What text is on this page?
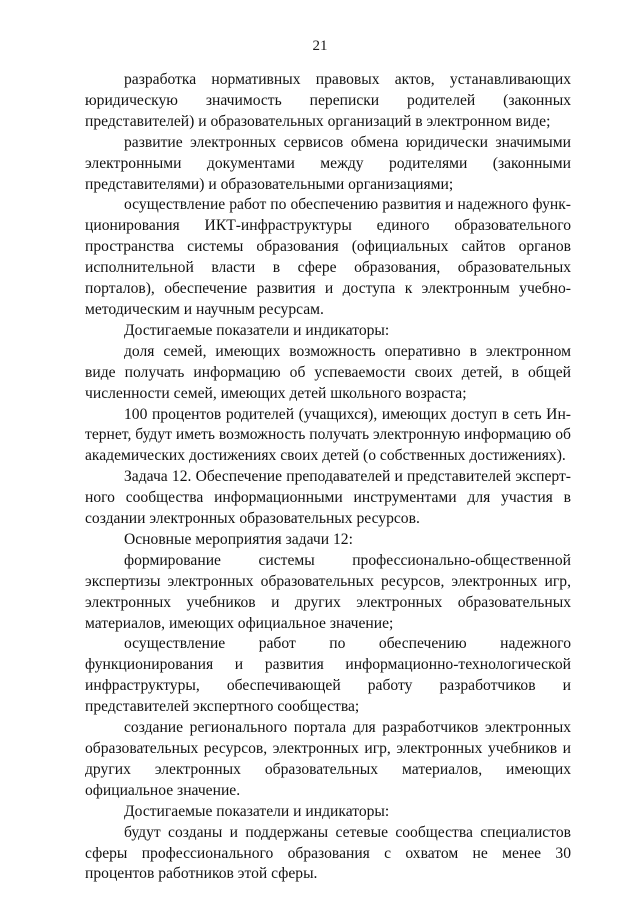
21

разработка нормативных правовых актов, устанавливающих юридическую значимость переписки родителей (законных представителей) и образовательных организаций в электронном виде;

развитие электронных сервисов обмена юридически значимыми электронными документами между родителями (законными представителями) и образовательными организациями;

осуществление работ по обеспечению развития и надежного функционирования ИКТ-инфраструктуры единого образовательного пространства системы образования (официальных сайтов органов исполнительной власти в сфере образования, образовательных порталов), обеспечение развития и доступа к электронным учебно-методическим и научным ресурсам.

Достигаемые показатели и индикаторы:

доля семей, имеющих возможность оперативно в электронном виде получать информацию об успеваемости своих детей, в общей численности семей, имеющих детей школьного возраста;

100 процентов родителей (учащихся), имеющих доступ в сеть Интернет, будут иметь возможность получать электронную информацию об академических достижениях своих детей (о собственных достижениях).

Задача 12. Обеспечение преподавателей и представителей экспертного сообщества информационными инструментами для участия в создании электронных образовательных ресурсов.

Основные мероприятия задачи 12:

формирование системы профессионально-общественной экспертизы электронных образовательных ресурсов, электронных игр, электронных учебников и других электронных образовательных материалов, имеющих официальное значение;

осуществление работ по обеспечению надежного функционирования и развития информационно-технологической инфраструктуры, обеспечивающей работу разработчиков и представителей экспертного сообщества;

создание регионального портала для разработчиков электронных образовательных ресурсов, электронных игр, электронных учебников и других электронных образовательных материалов, имеющих официальное значение.

Достигаемые показатели и индикаторы:

будут созданы и поддержаны сетевые сообщества специалистов сферы профессионального образования с охватом не менее 30 процентов работников этой сферы.
